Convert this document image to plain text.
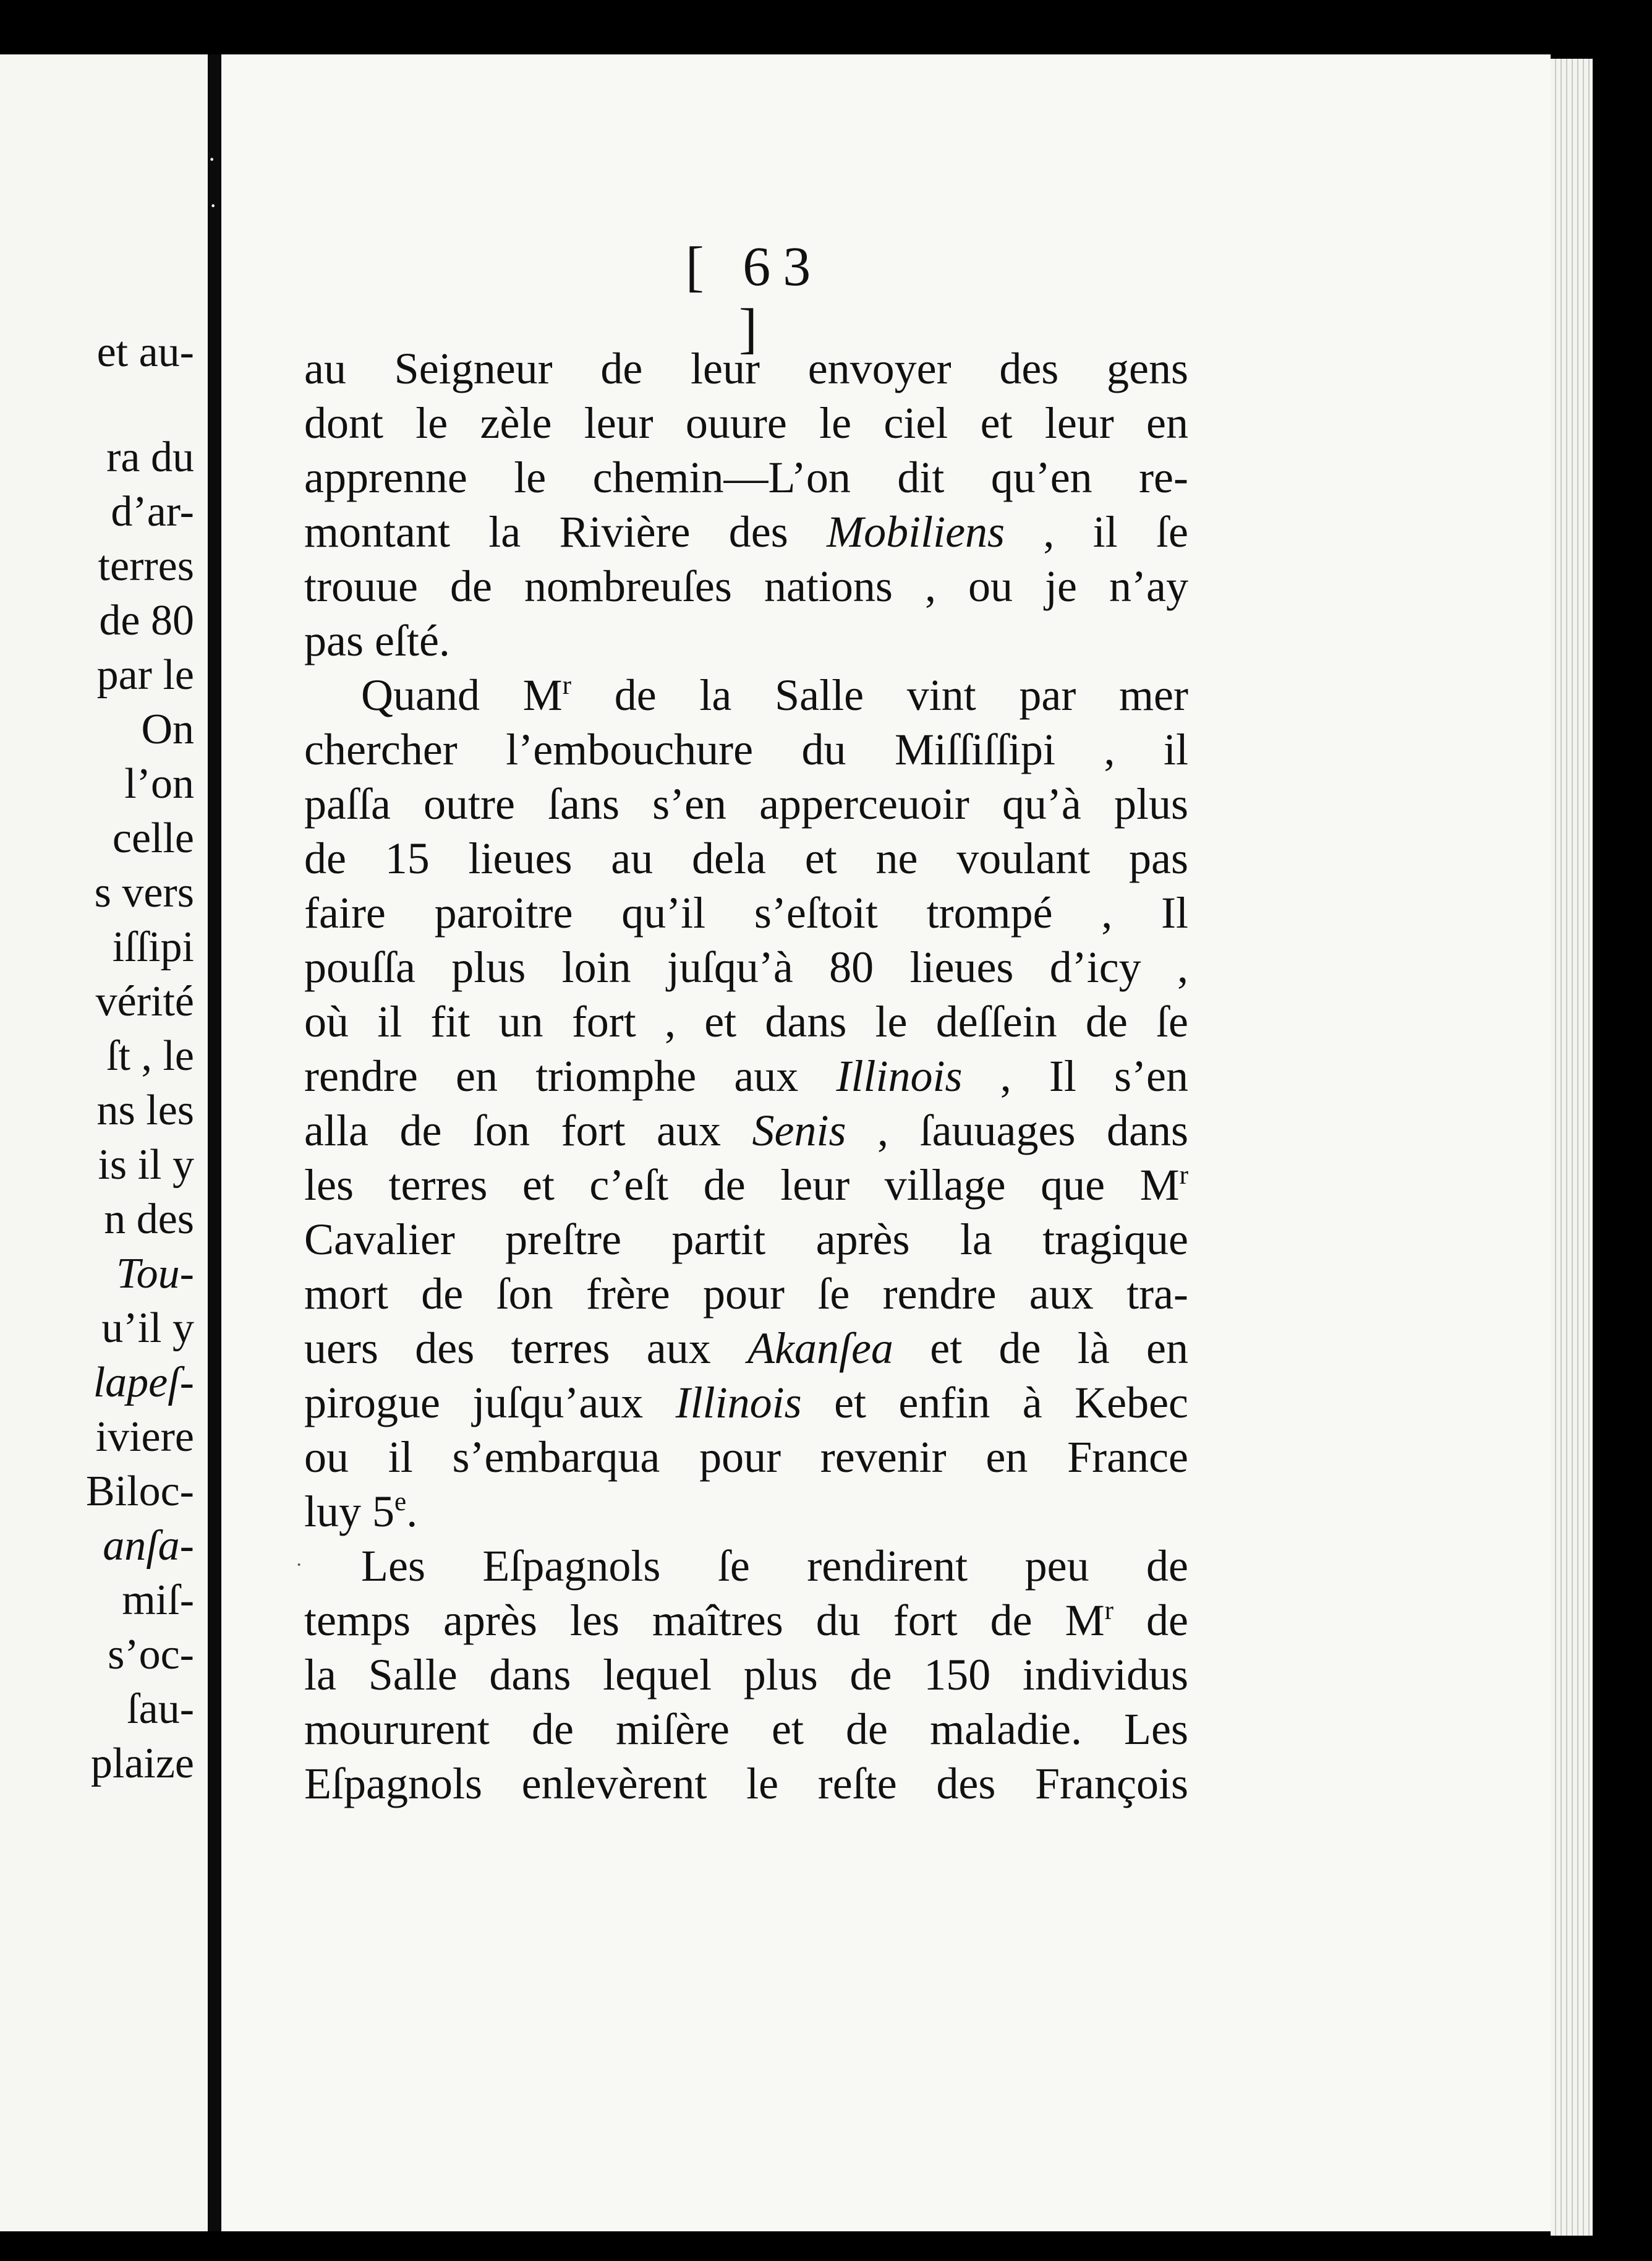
et au-
ra du
d’ar-
terres
de 80
par le
On
l’on
celle
s vers
iſſipi
vérité
ſt , le
ns les
is il y
n des
Tou-
u’il y
lapeſ-
iviere
Biloc-
anſa-
miſ-
s’oc-
ſau-
plaize
·
·
[ 63 ]
·
au Seigneur de leur envoyer des gens
dont le zèle leur ouure le ciel et leur en
apprenne le chemin—L’on dit qu’en re-
montant la Rivière des Mobiliens , il ſe
trouue de nombreuſes nations , ou je n’ay
pas eſté.
Quand $M^r$ de la Salle vint par mer
chercher l’embouchure du Miſſiſſipi , il
paſſa outre ſans s’en apperceuoir qu’à plus
de 15 lieues au dela et ne voulant pas
faire paroitre qu’il s’eſtoit trompé , Il
pouſſa plus loin juſqu’à 80 lieues d’icy ,
où il fit un fort , et dans le deſſein de ſe
rendre en triomphe aux Illinois , Il s’en
alla de ſon fort aux Senis , ſauuages dans
les terres et c’eſt de leur village que $M^r$
Cavalier preſtre partit après la tragique
mort de ſon frère pour ſe rendre aux tra-
uers des terres aux Akanſea et de là en
pirogue juſqu’aux Illinois et enfin à Kebec
ou il s’embarqua pour revenir en France
luy 5e.
Les Eſpagnols ſe rendirent peu de
temps après les maîtres du fort de $M^r$ de
la Salle dans lequel plus de 150 individus
moururent de miſère et de maladie. Les
Eſpagnols enlevèrent le reſte des François
